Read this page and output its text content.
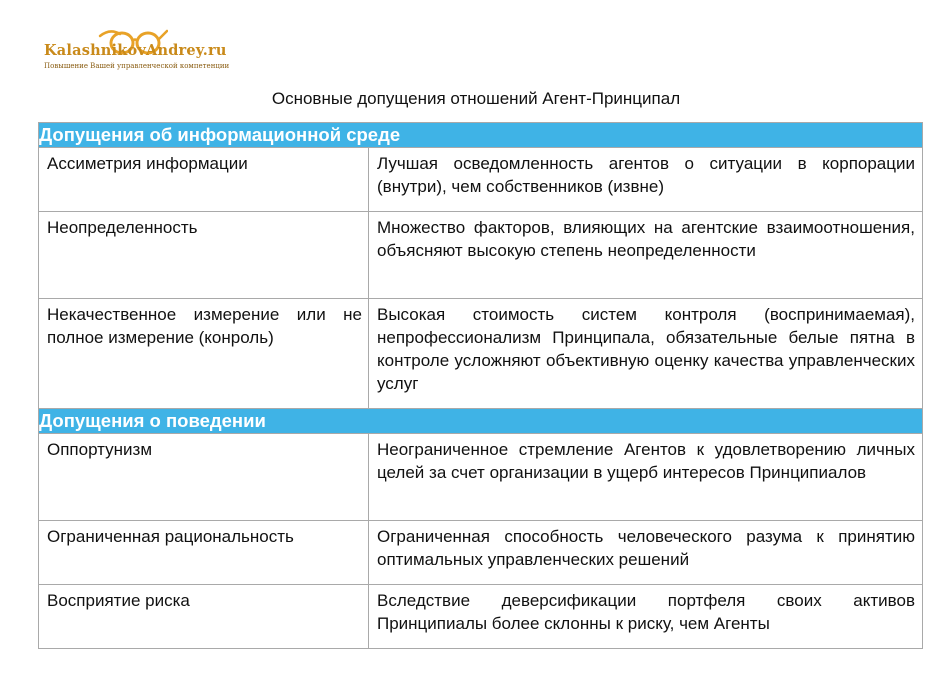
KalashnikovAndrey.ru
Повышение Вашей управленческой компетенции
Основные допущения отношений Агент-Принципал
Допущения об информационной среде	
Ассиметрия информации	Лучшая осведомленность агентов о ситуации в корпорации (внутри), чем собственников (извне)
Неопределенность	Множество факторов, влияющих на агентские взаимоотношения, объясняют высокую степень неопределенности
Некачественное измерение или не полное измерение (конроль)	Высокая стоимость систем контроля (воспринимаемая), непрофессионализм Принципала, обязательные белые пятна в контроле усложняют объективную оценку качества управленческих услуг
Допущения о поведении	
Оппортунизм	Неограниченное стремление Агентов к удовлетворению личных целей за счет организации в ущерб интересов Принципиалов
Ограниченная рациональность	Ограниченная способность человеческого разума к принятию оптимальных управленческих решений
Восприятие риска	Вследствие деверсификации портфеля своих активов Принципиалы более склонны к риску, чем Агенты
